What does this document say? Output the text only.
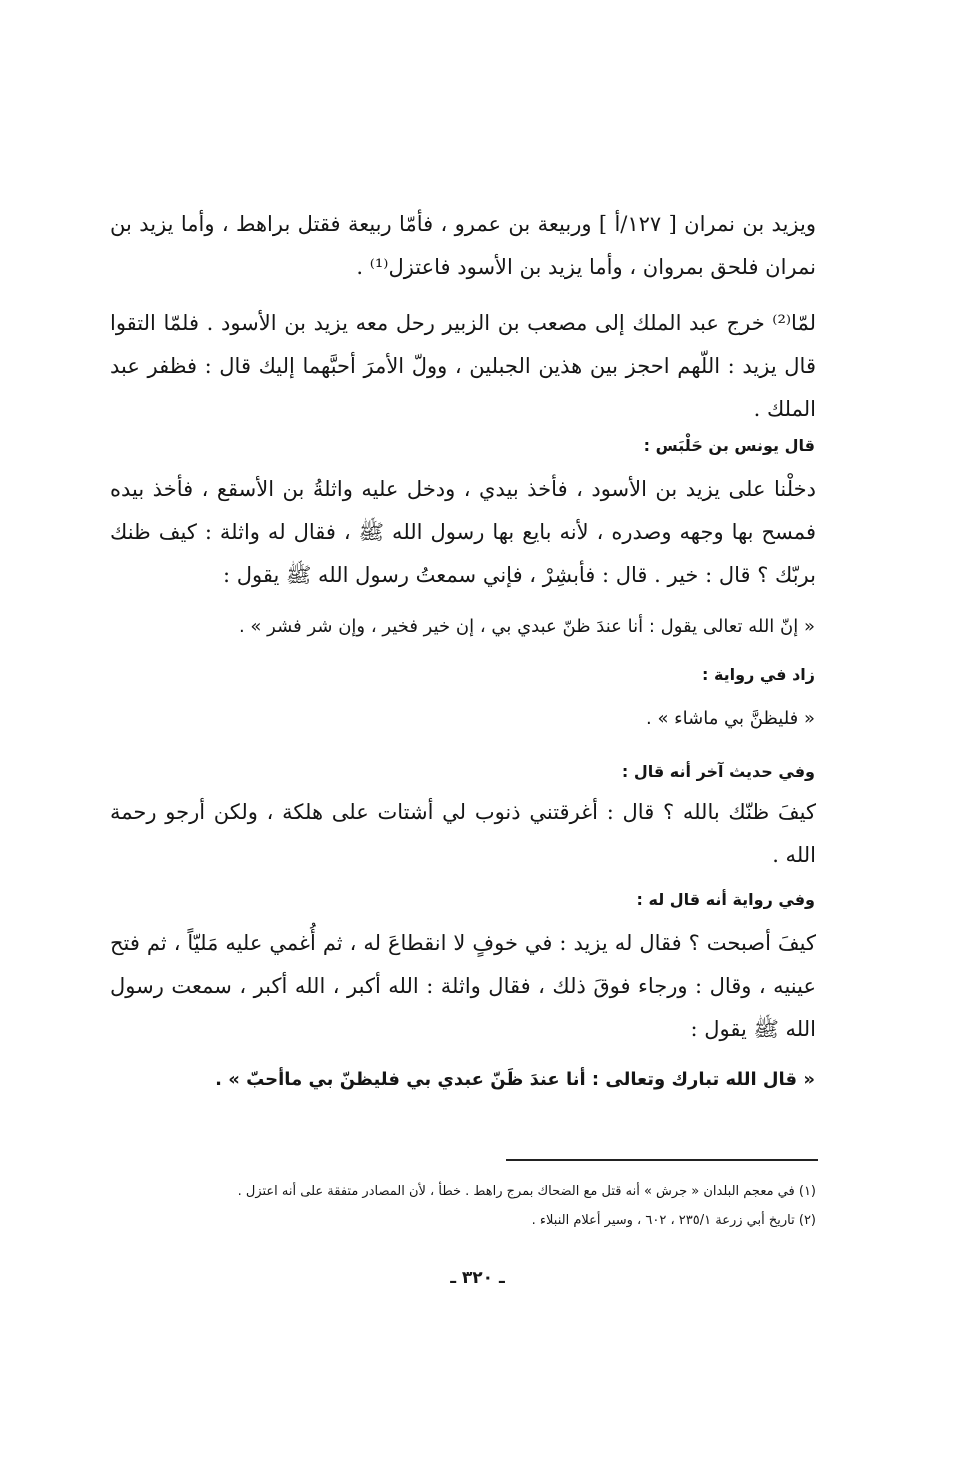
ويزيد بن نمران [ ١٢٧/أ ] وربيعة بن عمرو ، فأمّا ربيعة فقتل براهط ، وأما يزيد بن نمران فلحق بمروان ، وأما يزيد بن الأسود فاعتزل⁽¹⁾ .

لمّا⁽²⁾ خرج عبد الملك إلى مصعب بن الزبير رحل معه يزيد بن الأسود . فلمّا التقوا قال يزيد : اللّهم احجز بين هذين الجبلين ، وولّ الأمرَ أحبَّهما إليك قال : فظفر عبد الملك .

قال يونس بن حَلْبَس :

دخلْنا على يزيد بن الأسود ، فأخذ بيدي ، ودخل عليه واثلةُ بن الأسقع ، فأخذ بيده فمسح بها وجهه وصدره ، لأنه بايع بها رسول الله ﷺ ، فقال له واثلة : كيف ظنك بربّك ؟ قال : خير . قال : فأبشِرْ ، فإني سمعتُ رسول الله ﷺ يقول :

« إنّ الله تعالى يقول : أنا عندَ ظنّ عبدي بي ، إن خير فخير ، وإن شر فشر » .
زاد في رواية :
« فليظنَّ بي ماشاء » .
وفي حديث آخر أنه قال :

كيفَ ظنّك بالله ؟ قال : أغرقتني ذنوب لي أشتات على هلكة ، ولكن أرجو رحمة الله .

وفي رواية أنه قال له :

كيفَ أصبحت ؟ فقال له يزيد : في خوفٍ لا انقطاعَ له ، ثم أُغمي عليه مَليّاً ، ثم فتح عينيه ، وقال : ورجاء فوقَ ذلك ، فقال واثلة : الله أكبر ، الله أكبر ، سمعت رسول الله ﷺ يقول :

« قال الله تبارك وتعالى : أنا عندَ ظَنّ عبدي بي فليظنّ بي ماأحبّ » .
(١) في معجم البلدان « جرش » أنه قتل مع الضحاك بمرج راهط . خطأ ، لأن المصادر متفقة على أنه اعتزل .
(٢) تاريخ أبي زرعة ٢٣٥/١ ، ٦٠٢ ، وسير أعلام النبلاء .
ـ ٣٢٠ ـ
